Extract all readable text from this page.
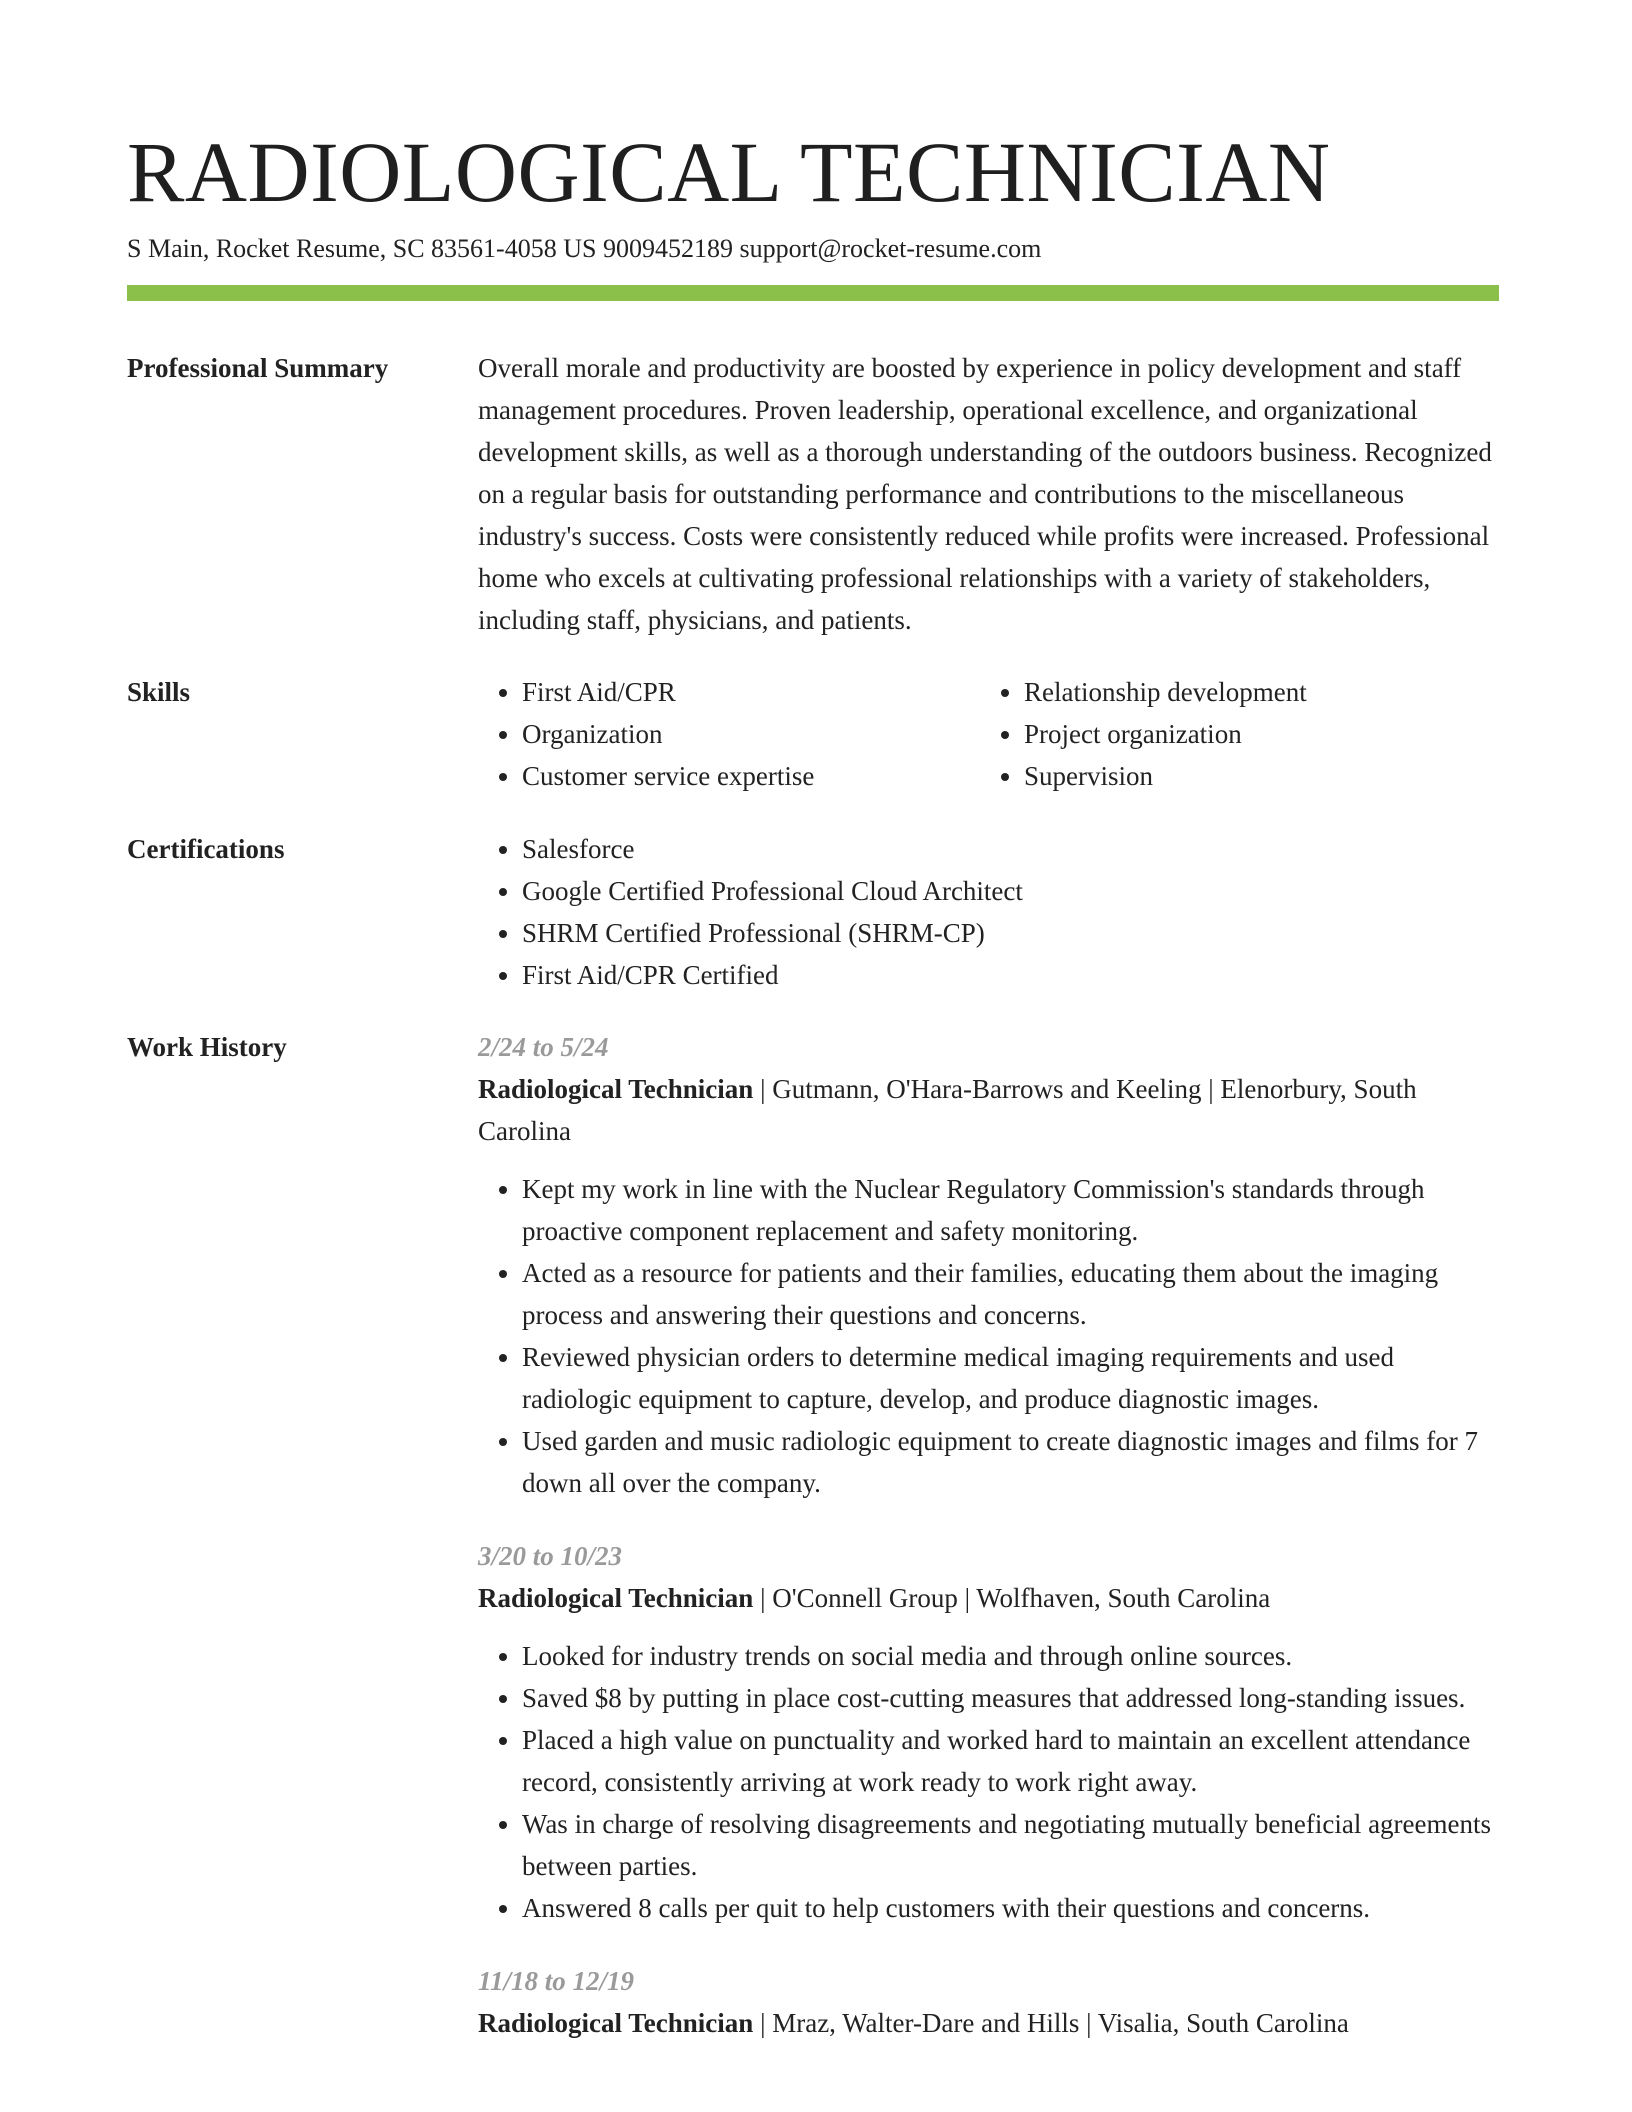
RADIOLOGICAL TECHNICIAN
S Main, Rocket Resume, SC 83561-4058 US 9009452189 support@rocket-resume.com
Professional Summary	Overall morale and productivity are boosted by experience in policy development and staff management procedures. Proven leadership, operational excellence, and organizational development skills, as well as a thorough understanding of the outdoors business. Recognized on a regular basis for outstanding performance and contributions to the miscellaneous industry's success. Costs were consistently reduced while profits were increased. Professional home who excels at cultivating professional relationships with a variety of stakeholders, including staff, physicians, and patients.
Skills	• First Aid/CPR
• Organization
• Customer service expertise
• Relationship development
• Project organization
• Supervision
Certifications	• Salesforce
• Google Certified Professional Cloud Architect
• SHRM Certified Professional (SHRM-CP)
• First Aid/CPR Certified
Work History	2/24 to 5/24
Radiological Technician | Gutmann, O'Hara-Barrows and Keeling | Elenorbury, South Carolina
• Kept my work in line with the Nuclear Regulatory Commission's standards through proactive component replacement and safety monitoring.
• Acted as a resource for patients and their families, educating them about the imaging process and answering their questions and concerns.
• Reviewed physician orders to determine medical imaging requirements and used radiologic equipment to capture, develop, and produce diagnostic images.
• Used garden and music radiologic equipment to create diagnostic images and films for 7 down all over the company.
3/20 to 10/23
Radiological Technician | O'Connell Group | Wolfhaven, South Carolina
• Looked for industry trends on social media and through online sources.
• Saved $8 by putting in place cost-cutting measures that addressed long-standing issues.
• Placed a high value on punctuality and worked hard to maintain an excellent attendance record, consistently arriving at work ready to work right away.
• Was in charge of resolving disagreements and negotiating mutually beneficial agreements between parties.
• Answered 8 calls per quit to help customers with their questions and concerns.
11/18 to 12/19
Radiological Technician | Mraz, Walter-Dare and Hills | Visalia, South Carolina
